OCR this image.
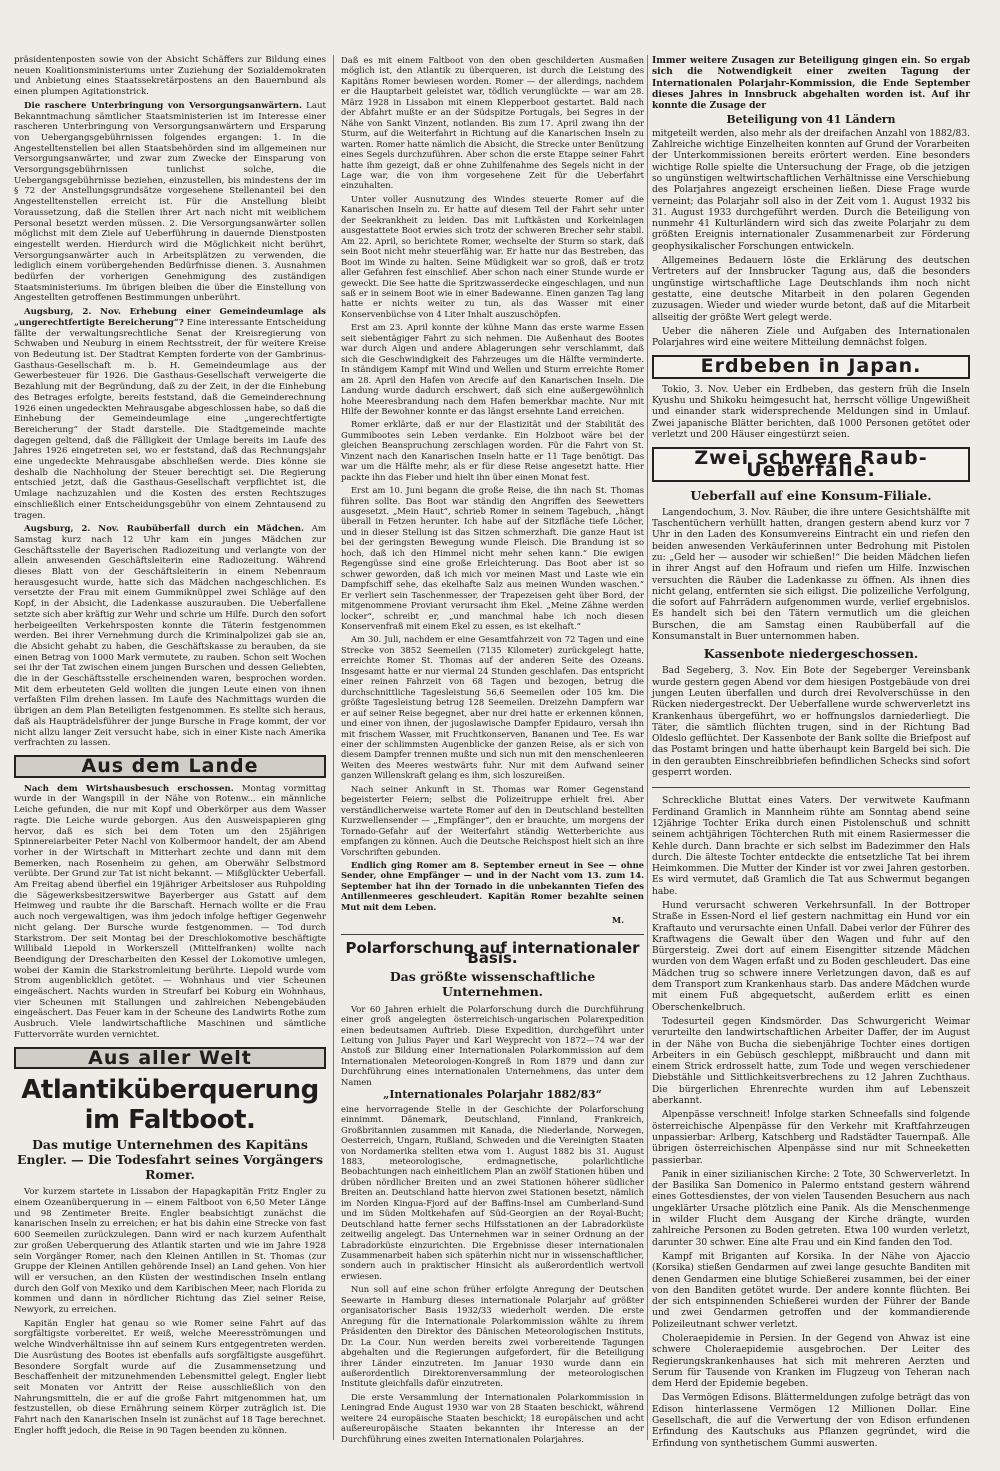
präsidentenposten sowie von der Absicht Schäffers zur Bildung eines neuen Koalitionsministeriums unter Zuziehung der Sozialdemokraten und Anbietung eines Staatssekretärpostens an den Bauernbund als einen plumpen Agitationstrick.

Die raschere Unterbringung von Versorgungsanwärtern. Laut Bekanntmachung sämtlicher Staatsministerien ist im Interesse einer rascheren Unterbringung von Versorgungsanwärtern und Ersparung von Uebergangsgebührnissen folgendes ergangen: 1. In die Angestelltenstellen bei allen Staatsbehörden sind im allgemeinen nur Versorgungsanwärter, und zwar zum Zwecke der Einsparung von Versorgungsgebührnissen tunlichst solche, die Uebergangsgebührnisse beziehen, einzustellen, bis mindestens der im § 72 der Anstellungsgrundsätze vorgesehene Stellenanteil bei den Angestelltenstellen erreicht ist. Für die Anstellung bleibt Voraussetzung, daß die Stellen ihrer Art nach nicht mit weiblichem Personal besetzt werden müssen. 2. Die Versorgungsanwärter sollen möglichst mit dem Ziele auf Ueberführung in dauernde Dienstposten eingestellt werden. Hierdurch wird die Möglichkeit nicht berührt, Versorgungsanwärter auch in Arbeitsplätzen zu verwenden, die lediglich einem vorübergehenden Bedürfnisse dienen. 3. Ausnahmen bedürfen der vorherigen Genehmigung des zuständigen Staatsministeriums. Im übrigen bleiben die über die Einstellung von Angestellten getroffenen Bestimmungen unberührt.

Augsburg, 2. Nov. Erhebung einer Gemeindeumlage als „ungerechtfertigte Bereicherung“? Eine interessante Entscheidung fällte der verwaltungsrechtliche Senat der Kreisregierung von Schwaben und Neuburg in einem Rechtsstreit, der für weitere Kreise von Bedeutung ist. Der Stadtrat Kempten forderte von der Gambrinus-Gasthaus-Gesellschaft m. b. H. Gemeindeumlage aus der Gewerbesteuer für 1926. Die Gasthaus-Gesellschaft verweigerte die Bezahlung mit der Begründung, daß zu der Zeit, in der die Einhebung des Betrages erfolgte, bereits feststand, daß die Gemeinderechnung 1926 einen ungedeckten Mehrausgabe abgeschlossen habe, so daß die Einhebung der Gemeindeumlage eine „ungerechtfertigte Bereicherung“ der Stadt darstelle. Die Stadtgemeinde machte dagegen geltend, daß die Fälligkeit der Umlage bereits im Laufe des Jahres 1926 eingetreten sei, wo er feststand, daß das Rechnungsjahr eine ungedeckte Mehrausgabe abschließen werde. Dies könne sie deshalb die Nachholung der Steuer berechtigt sei. Die Regierung entschied jetzt, daß die Gasthaus-Gesellschaft verpflichtet ist, die Umlage nachzuzahlen und die Kosten des ersten Rechtszuges einschließlich einer Entscheidungsgebühr von einem Zehntausend zu tragen.

Augsburg, 2. Nov. Raubüberfall durch ein Mädchen. Am Samstag kurz nach 12 Uhr kam ein junges Mädchen zur Geschäftsstelle der Bayerischen Radiozeitung und verlangte von der allein anwesenden Geschäftsleiterin eine Radiozeitung. Während dieses Blatt von der Geschäftsleiterin in einem Nebenraum herausgesucht wurde, hatte sich das Mädchen nachgeschlichen. Es versetzte der Frau mit einem Gummiknüppel zwei Schläge auf den Kopf, in der Absicht, die Ladenkasse auszurauben. Die Ueberfallene setzte sich aber kräftig zur Wehr und schrie um Hilfe. Durch den sofort herbeigeeilten Verkehrsposten konnte die Täterin festgenommen werden. Bei ihrer Vernehmung durch die Kriminalpolizei gab sie an, die Absicht gehabt zu haben, die Geschäftskasse zu berauben, da sie einen Betrag von 1000 Mark vermutete, zu rauben. Schon seit Wochen sei ihr der Tat zwischen einem jungen Burschen und dessen Geliebten, die in der Geschäftsstelle erscheinenden waren, besprochen worden. Mit dem erbeuteten Geld wollten die jungen Leute einen von ihnen verfaßten Film drehen lassen. Im Laufe des Nachmittags wurden die übrigen an dem Plan Beteiligten festgenommen. Es stellte sich heraus, daß als Haupträdelsführer der junge Bursche in Frage kommt, der vor nicht allzu langer Zeit versucht habe, sich in einer Kiste nach Amerika verfrachten zu lassen.

Aus dem Lande

Nach dem Wirtshausbesuch erschossen. Montag vormittag wurde in der Wangspill in der Nähe von Rotenw... ein männliche Leiche gefunden, die nur mit Kopf und Oberkörper aus dem Wasser ragte. Die Leiche wurde geborgen. Aus den Ausweispapieren ging hervor, daß es sich bei dem Toten um den 25jährigen Spinnereiarbeiter Peter Nachl von Kolbermoor handelt, der am Abend vorher in der Wirtschaft in Mitterhart zechte und dann mit dem Bemerken, nach Rosenheim zu gehen, am Oberwähr Selbstmord verübte. Der Grund zur Tat ist nicht bekannt. — Mißglückter Ueberfall. Am Freitag abend überfiel ein 19jähriger Arbeitsloser aus Ruhpolding die Sägewerksbesitzerswitwe Bayerberger aus Gstatt auf dem Heimweg und raubte ihr die Barschaft. Hernach wollte er die Frau auch noch vergewaltigen, was ihm jedoch infolge heftiger Gegenwehr nicht gelang. Der Bursche wurde festgenommen. — Tod durch Starkstrom. Der seit Montag bei der Dreschlokomotive beschäftigte Willibald Liepold in Workerszell (Mittelfranken) wollte nach Beendigung der Drescharbeiten den Kessel der Lokomotive umlegen, wobei der Kamin die Starkstromleitung berührte. Liepold wurde vom Strom augenblicklich getötet. — Wohnhaus und vier Scheunen eingeäschert. Nachts wurden in Streufarf bei Koburg ein Wohnhaus, vier Scheunen mit Stallungen und zahlreichen Nebengebäuden eingeäschert. Das Feuer kam in der Scheune des Landwirts Rothe zum Ausbruch. Viele landwirtschaftliche Maschinen und sämtliche Futtervorräte wurden vernichtet.

Aus aller Welt
Atlantiküberquerung im Faltboot.
Das mutige Unternehmen des Kapitäns Engler. — Die Todesfahrt seines Vorgängers Romer.

Vor kurzem startete in Lissabon der Hapagkapitän Fritz Engler zu einem Ozeanüberquerung in — einem Faltboot von 6,50 Meter Länge und 98 Zentimeter Breite. Engler beabsichtigt zunächst die kanarischen Inseln zu erreichen; er hat bis dahin eine Strecke von fast 600 Seemeilen zurückzulegen. Dann wird er nach kurzem Aufenthalt zur großen Ueberquerung des Atlantik starten und wie im Jahre 1928 sein Vorgänger Romer, nach den Kleinen Antillen in St. Thomas (zur Gruppe der Kleinen Antillen gehörende Insel) an Land gehen. Von hier will er versuchen, an den Küsten der westindischen Inseln entlang durch den Golf von Mexiko und dem Karibischen Meer, nach Florida zu kommen und dann in nördlicher Richtung das Ziel seiner Reise, Newyork, zu erreichen.

Kapitän Engler hat genau so wie Romer seine Fahrt auf das sorgfältigste vorbereitet. Er weiß, welche Meeresströmungen und welche Windverhältnisse ihn auf seinem Kurs entgegentreten werden. Die Ausrüstung des Bootes ist ebenfalls aufs sorgfältigste ausgeführt. Besondere Sorgfalt wurde auf die Zusammensetzung und Beschaffenheit der mitzunehmenden Lebensmittel gelegt. Engler liebt seit Monaten vor Antritt der Reise ausschließlich von den Nahrungsmitteln, die er auf die große Fahrt mitgenommen hat, um festzustellen, ob diese Ernährung seinem Körper zuträglich ist. Die Fahrt nach den Kanarischen Inseln ist zunächst auf 18 Tage berechnet. Engler hofft jedoch, die Reise in 90 Tagen beenden zu können.

Daß es mit einem Faltboot von den oben geschilderten Ausmaßen möglich ist, den Atlantik zu überqueren, ist durch die Leistung des Kapitäns Romer bewiesen worden. Romer — der allerdings, nachdem er die Hauptarbeit geleistet war, tödlich verunglückte — war am 28. März 1928 in Lissabon mit einem Klepperboot gestartet. Bald nach der Abfahrt mußte er an der Südspitze Portugals, bei Segres in der Nähe von Sankt Vinzent, notlanden. Bis zum 17. April zwang ihn der Sturm, auf die Weiterfahrt in Richtung auf die Kanarischen Inseln zu warten. Romer hatte nämlich die Absicht, die Strecke unter Benützung eines Segels durchzuführen. Aber schon die erste Etappe seiner Fahrt hatte ihm gezeigt, daß er ohne Zuhilfenahme des Segels nicht in der Lage war, die von ihm vorgesehene Zeit für die Ueberfahrt einzuhalten.

Unter voller Ausnutzung des Windes steuerte Romer auf die Kanarischen Inseln zu. Er hatte auf diesem Teil der Fahrt sehr unter der Seekrankheit zu leiden. Das mit Luftkästen und Korkeinlagen ausgestattete Boot erwies sich trotz der schweren Brecher sehr stabil. Am 22. April, so berichtete Romer, wechselte der Sturm so stark, daß sein Boot nicht mehr steuerfähig war. Er hatte nur das Bestreben, das Boot im Winde zu halten. Seine Müdigkeit war so groß, daß er trotz aller Gefahren fest einschlief. Aber schon nach einer Stunde wurde er geweckt. Die See hatte die Spritzwasserdecke eingeschlagen, und nun saß er in seinem Boot wie in einer Badewanne. Einen ganzen Tag lang hatte er nichts weiter zu tun, als das Wasser mit einer Konservenbüchse von 4 Liter Inhalt auszuschöpfen.

Erst am 23. April konnte der kühne Mann das erste warme Essen seit siebentägiger Fahrt zu sich nehmen. Die Außenhaut des Bootes war durch Algen und andere Ablagerungen sehr verschlammt, daß sich die Geschwindigkeit des Fahrzeuges um die Hälfte verminderte. In ständigem Kampf mit Wind und Wellen und Sturm erreichte Romer am 28. April den Hafen von Arecife auf den Kanarischen Inseln. Die Landung wurde dadurch erschwert, daß sich eine außergewöhnlich hohe Meeresbrandung nach dem Hafen bemerkbar machte. Nur mit Hilfe der Bewohner konnte er das längst ersehnte Land erreichen.

Romer erklärte, daß er nur der Elastizität und der Stabilität des Gummibootes sein Leben verdanke. Ein Holzboot wäre bei der gleichen Beanspruchung zerschlagen worden. Für die Fahrt von St. Vinzent nach den Kanarischen Inseln hatte er 11 Tage benötigt. Das war um die Hälfte mehr, als er für diese Reise angesetzt hatte. Hier packte ihn das Fieber und hielt ihn über einen Monat fest.

Erst am 10. Juni begann die große Reise, die ihn nach St. Thomas führen sollte. Das Boot war ständig den Angriffen des Seewetters ausgesetzt. „Mein Haut“, schrieb Romer in seinem Tagebuch, „hängt überall in Fetzen herunter. Ich habe auf der Sitzfläche tiefe Löcher, und in dieser Stellung ist das Sitzen schmerzhaft. Die ganze Haut ist bei der geringsten Bewegung wunde Fleisch. Die Brandung ist so hoch, daß ich den Himmel nicht mehr sehen kann.“ Die ewigen Regengüsse sind eine große Erleichterung. Das Boot aber ist so schwer geworden, daß ich mich vor meinen Mast und Laste wie ein Dampfschiff sehe, das ekelhafte Salz aus meinen Wunden waschen.“ Er verliert sein Taschenmesser, der Trapezeisen geht über Bord, der mitgenommene Proviant verursacht ihm Ekel. „Meine Zähne werden locker“, schreibt er, „und manchmal habe ich noch diesen Konservenfraß mit einem Ekel zu essen, es ist ekelhaft.“

Am 30. Juli, nachdem er eine Gesamtfahrzeit von 72 Tagen und eine Strecke von 3852 Seemeilen (7135 Kilometer) zurückgelegt hatte, erreichte Romer St. Thomas auf der anderen Seite des Ozeans. Insgesamt hatte er nur viermal 24 Stunden geschlafen. Das entspricht einer reinen Fahrzeit von 68 Tagen und bezogen, betrug die durchschnittliche Tagesleistung 56,6 Seemeilen oder 105 km. Die größte Tagesleistung betrug 128 Seemeilen. Dreizehn Dampfern war er auf seiner Reise begegnet, aber nur drei hatte er erkennen können, und einer von ihnen, der jugoslawische Dampfer Epidauro, versah ihn mit frischem Wasser, mit Fruchtkonserven, Bananen und Tee. Es war einer der schlimmsten Augenblicke der ganzen Reise, als er sich von diesem Dampfer trennen mußte und sich nun mit den menschenleeren Weiten des Meeres westwärts fuhr. Nur mit dem Aufwand seiner ganzen Willenskraft gelang es ihm, sich loszureißen.

Nach seiner Ankunft in St. Thomas war Romer Gegenstand begeisterter Feiern; selbst die Polizeitruppe erhielt frei. Aber verständlicherweise wartete Romer auf den in Deutschland bestellten Kurzwellensender — „Empfänger“, den er brauchte, um morgens der Tornado-Gefahr auf der Weiterfahrt ständig Wetterberichte aus empfangen zu können. Auch die Deutsche Reichspost hielt sich an ihre Vorschriften gebunden.

Endlich ging Romer am 8. September erneut in See — ohne Sender, ohne Empfänger — und in der Nacht vom 13. zum 14. September hat ihn der Tornado in die unbekannten Tiefen des Antillenmeeres geschleudert. Kapitän Romer bezahlte seinen Mut mit dem Leben.

M.
Polarforschung auf internationaler Basis.
Das größte wissenschaftliche Unternehmen.

Vor 60 Jahren erhielt die Polarforschung durch die Durchführung einer groß angelegten österreichisch-ungarischen Polarexpedition einen bedeutsamen Auftrieb. Diese Expedition, durchgeführt unter Leitung von Julius Payer und Karl Weyprecht von 1872—74 war der Anstoß zur Bildung einer Internationalen Polarkommission auf dem Internationalen Meteorologen-Kongreß in Rom 1879 und dann zur Durchführung eines internationalen Unternehmens, das unter dem Namen

„Internationales Polarjahr 1882/83“

eine hervorragende Stelle in der Geschichte der Polarforschung einnimmt. Dänemark, Deutschland, Finnland, Frankreich, Großbritannien zusammen mit Kanada, die Niederlande, Norwegen, Oesterreich, Ungarn, Rußland, Schweden und die Vereinigten Staaten von Nordamerika stellten etwa vom 1. August 1882 bis 31. August 1883, meteorologische, erdmagnetische, polarlichtliche Beobachtungen nach einheitlichem Plan an zwölf Stationen hüben und drüben nördlicher Breiten und an zwei Stationen höherer südlicher Breiten an. Deutschland hatte hiervon zwei Stationen besetzt, nämlich im Norden Kingua-Fjord auf der Baffins-Insel am Cumberland-Sund und im Süden Moltkehafen auf Süd-Georgien an der Royal-Bucht; Deutschland hatte ferner sechs Hilfsstationen an der Labradorküste zeitweilig angelegt. Das Unternehmen war in seiner Ordnung an der Labradorküste einzurichten. Die Ergebnisse dieser internationalen Zusammenarbeit haben sich späterhin nicht nur in wissenschaftlicher, sondern auch in praktischer Hinsicht als außerordentlich wertvoll erwiesen.

Nun soll auf eine schon früher erfolgte Anregung der Deutschen Seewarte in Hamburg dieses internationale Polarjahr auf größter organisatorischer Basis 1932/33 wiederholt werden. Die erste Anregung für die Internationale Polarkommission wählte zu ihrem Präsidenten den Direktor des Dänischen Meteorologischen Instituts, Dr. La Cour. Nun werden bereits zwei vorbereitende Tagungen abgehalten und die Regierungen aufgefordert, für die Beteiligung ihrer Länder einzutreten. Im Januar 1930 wurde dann ein außerordentlich Direktorenversammlung der meteorologischen Institute gleichfalls dafür einzutreten.

Die erste Versammlung der Internationalen Polarkommission in Leningrad Ende August 1930 war von 28 Staaten beschickt, während weitere 24 europäische Staaten beschickt; 18 europäischen und acht außereuropäische Staaten bekannten ihr Interesse an der Durchführung eines zweiten Internationalen Polarjahres.

Immer weitere Zusagen zur Beteiligung gingen ein. So ergab sich die Notwendigkeit einer zweiten Tagung der Internationalen Polarjahr-Kommission, die Ende September dieses Jahres in Innsbruck abgehalten worden ist. Auf ihr konnte die Zusage der

Beteiligung von 41 Ländern

mitgeteilt werden, also mehr als der dreifachen Anzahl von 1882/83. Zahlreiche wichtige Einzelheiten konnten auf Grund der Vorarbeiten der Unterkommissionen bereits erörtert werden. Eine besonders wichtige Rolle spielte die Untersuchung der Frage, ob die jetzigen so ungünstigen weltwirtschaftlichen Verhältnisse eine Verschiebung des Polarjahres angezeigt erscheinen ließen. Diese Frage wurde verneint; das Polarjahr soll also in der Zeit vom 1. August 1932 bis 31. August 1933 durchgeführt werden. Durch die Beteiligung von nunmehr 41 Kulturländern wird sich das zweite Polarjahr zu dem größten Ereignis internationaler Zusammenarbeit zur Förderung geophysikalischer Forschungen entwickeln.

Allgemeines Bedauern löste die Erklärung des deutschen Vertreters auf der Innsbrucker Tagung aus, daß die besonders ungünstige wirtschaftliche Lage Deutschlands ihm noch nicht gestatte, eine deutsche Mitarbeit in den polaren Gegenden zuzusagen. Wieder und wieder wurde betont, daß auf die Mitarbeit allseitig der größte Wert gelegt werde.

Ueber die näheren Ziele und Aufgaben des Internationalen Polarjahres wird eine weitere Mitteilung demnächst folgen.

Erdbeben in Japan.

Tokio, 3. Nov. Ueber ein Erdbeben, das gestern früh die Inseln Kyushu und Shikoku heimgesucht hat, herrscht völlige Ungewißheit und einander stark widersprechende Meldungen sind in Umlauf. Zwei japanische Blätter berichten, daß 1000 Personen getötet oder verletzt und 200 Häuser eingestürzt seien.

Zwei schwere Raub-Ueberfälle.
Ueberfall auf eine Konsum-Filiale.

Langendochum, 3. Nov. Räuber, die ihre untere Gesichtshälfte mit Taschentüchern verhüllt hatten, drangen gestern abend kurz vor 7 Uhr in den Laden des Konsumvereins Eintracht ein und riefen den beiden anwesenden Verkäuferinnen unter Bedrohung mit Pistolen zu: „Geld her — ausoder wir schießen!“ Die beiden Mädchen liefen in ihrer Angst auf den Hofraum und riefen um Hilfe. Inzwischen versuchten die Räuber die Ladenkasse zu öffnen. Als ihnen dies nicht gelang, entfernten sie sich eiligst. Die polizeiliche Verfolgung, die sofort auf Fahrrädern aufgenommen wurde, verlief ergebnislos. Es handelt sich bei den Tätern vermutlich um die gleichen Burschen, die am Samstag einen Raubüberfall auf die Konsumanstalt in Buer unternommen haben.

Kassenbote niedergeschossen.

Bad Segeberg, 3. Nov. Ein Bote der Segeberger Vereinsbank wurde gestern gegen Abend vor dem hiesigen Postgebäude von drei jungen Leuten überfallen und durch drei Revolverschüsse in den Rücken niedergestreckt. Der Ueberfallene wurde schwerverletzt ins Krankenhaus übergeführt, wo er hoffnungslos darniederliegt. Die Täter, die sämtlich flüchten trugen, sind in der Richtung Bad Oldeslo geflüchtet. Der Kassenbote der Bank sollte die Briefpost auf das Postamt bringen und hatte überhaupt kein Bargeld bei sich. Die in den geraubten Einschreibbriefen befindlichen Schecks sind sofort gesperrt worden.

Schreckliche Bluttat eines Vaters. Der verwitwete Kaufmann Ferdinand Gramlich in Mannheim rühte am Sonntag abend seine 12jährige Tochter Erika durch einen Pistolenschuß und schnitt seinem achtjährigen Töchterchen Ruth mit einem Rasiermesser die Kehle durch. Dann brachte er sich selbst im Badezimmer den Hals durch. Die älteste Tochter entdeckte die entsetzliche Tat bei ihrem Heimkommen. Die Mutter der Kinder ist vor zwei Jahren gestorben. Es wird vermutet, daß Gramlich die Tat aus Schwermut begangen habe.

Hund verursacht schweren Verkehrsunfall. In der Bottroper Straße in Essen-Nord el lief gestern nachmittag ein Hund vor ein Kraftauto und verursachte einen Unfall. Dabei verlor der Führer des Kraftwagens die Gewalt über den Wagen und fuhr auf den Bürgersteig. Zwei dort auf einem Eisengitter sitzende Mädchen wurden von dem Wagen erfaßt und zu Boden geschleudert. Das eine Mädchen trug so schwere innere Verletzungen davon, daß es auf dem Transport zum Krankenhaus starb. Das andere Mädchen wurde mit einem Fuß abgequetscht, außerdem erlitt es einen Oberschenkelbruch.

Todesurteil gegen Kindsmörder. Das Schwurgericht Weimar verurteilte den landwirtschaftlichen Arbeiter Daffer, der im August in der Nähe von Bucha die siebenjährige Tochter eines dortigen Arbeiters in ein Gebüsch geschleppt, mißbraucht und dann mit einem Strick erdrosselt hatte, zum Tode und wegen verschiedener Diebstähle und Sittlichkeitsverbrechens zu 12 Jahren Zuchthaus. Die bürgerlichen Ehrenrechte wurden ihm auf Lebenszeit aberkannt.

Alpenpässe verschneit! Infolge starken Schneefalls sind folgende österreichische Alpenpässe für den Verkehr mit Kraftfahrzeugen unpassierbar: Arlberg, Katschberg und Radstädter Tauernpaß. Alle übrigen österreichischen Alpenpässe sind nur mit Schneeketten passierbar.

Panik in einer sizilianischen Kirche: 2 Tote, 30 Schwerverletzt. In der Basilika San Domenico in Palermo entstand gestern während eines Gottesdienstes, der von vielen Tausenden Besuchern aus nach ungeklärter Ursache plötzlich eine Panik. Als die Menschenmenge in wilder Flucht dem Ausgang der Kirche drängte, wurden zahlreiche Personen zu Boden getreten. Etwa 100 wurden verletzt, darunter 30 schwer. Eine alte Frau und ein Kind fanden den Tod.

Kampf mit Briganten auf Korsika. In der Nähe von Ajaccio (Korsika) stießen Gendarmen auf zwei lange gesuchte Banditen mit denen Gendarmen eine blutige Schießerei zusammen, bei der einer von den Banditen getötet wurde. Der andere konnte flüchten. Bei der sich entspinnenden Schießerei wurden der Führer der Bande und zwei Gendarmen getroffen und der kommandierende Polizeileutnant schwer verletzt.

Choleraepidemie in Persien. In der Gegend von Ahwaz ist eine schwere Choleraepidemie ausgebrochen. Der Leiter des Regierungskrankenhauses hat sich mit mehreren Aerzten und Serum für Tausende von Kranken im Flugzeug von Teheran nach dem Herd der Epidemie begeben.

Das Vermögen Edisons. Blättermeldungen zufolge beträgt das von Edison hinterlassene Vermögen 12 Millionen Dollar. Eine Gesellschaft, die auf die Verwertung der von Edison erfundenen Erfindung des Kautschuks aus Pflanzen gegründet, wird die Erfindung von synthetischem Gummi auswerten.
